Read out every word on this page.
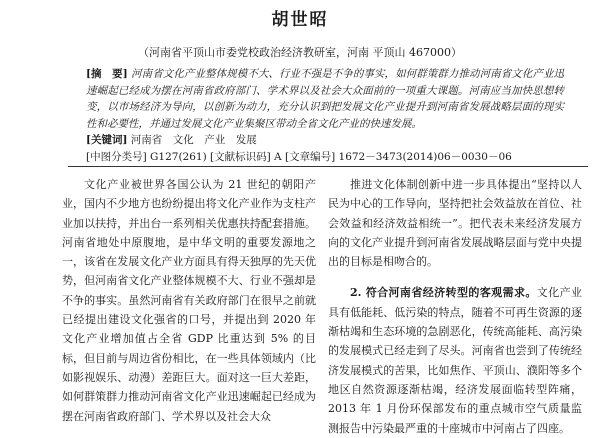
胡世昭
（河南省平顶山市委党校政治经济教研室，河南 平顶山 467000）

[摘　要] 河南省文化产业整体规模不大、行业不强是不争的事实，如何群策群力推动河南省文化产业迅速崛起已经成为摆在河南省政府部门、学术界以及社会大众面前的一项重大课题。河南应当加快思想转变，以市场经济为导向，以创新为动力，充分认识到把发展文化产业提升到河南省发展战略层面的现实性和必要性，并通过发展文化产业集聚区带动全省文化产业的快速发展。

[关键词] 河南省　文化　产业　发展

[中图分类号] G127(261) [文献标识码] A [文章编号] 1672－3473(2014)06－0030－06

文化产业被世界各国公认为 21 世纪的朝阳产业，国内不少地方也纷纷提出将文化产业作为支柱产业加以扶持，并出台一系列相关优惠扶持配套措施。河南省地处中原腹地，是中华文明的重要发源地之一，该省在发展文化产业方面具有得天独厚的先天优势，但河南省文化产业整体规模不大、行业不强却是不争的事实。虽然河南省有关政府部门在很早之前就已经提出建设文化强省的口号，并提出到 2020 年文化产业增加值占全省 GDP 比重达到 5% 的目标，但目前与周边省份相比，在一些具体领域内（比如影视娱乐、动漫）差距巨大。面对这一巨大差距，如何群策群力推动河南省文化产业迅速崛起已经成为摆在河南省政府部门、学术界以及社会大众

推进文化体制创新中进一步具体提出“坚持以人民为中心的工作导向，坚持把社会效益放在首位、社会效益和经济效益相统一”。把代表未来经济发展方向的文化产业提升到河南省发展战略层面与党中央提出的目标是相吻合的。

2. 符合河南省经济转型的客观需求。文化产业具有低能耗、低污染的特点，随着不可再生资源的逐渐枯竭和生态环境的急剧恶化，传统高能耗、高污染的发展模式已经走到了尽头。河南省也尝到了传统经济发展模式的苦果，比如焦作、平顶山、濮阳等多个地区自然资源逐渐枯竭，经济发展面临转型阵痛，2013 年 1 月份环保部发布的重点城市空气质量监测报告中污染最严重的十座城市中河南占了四座。
